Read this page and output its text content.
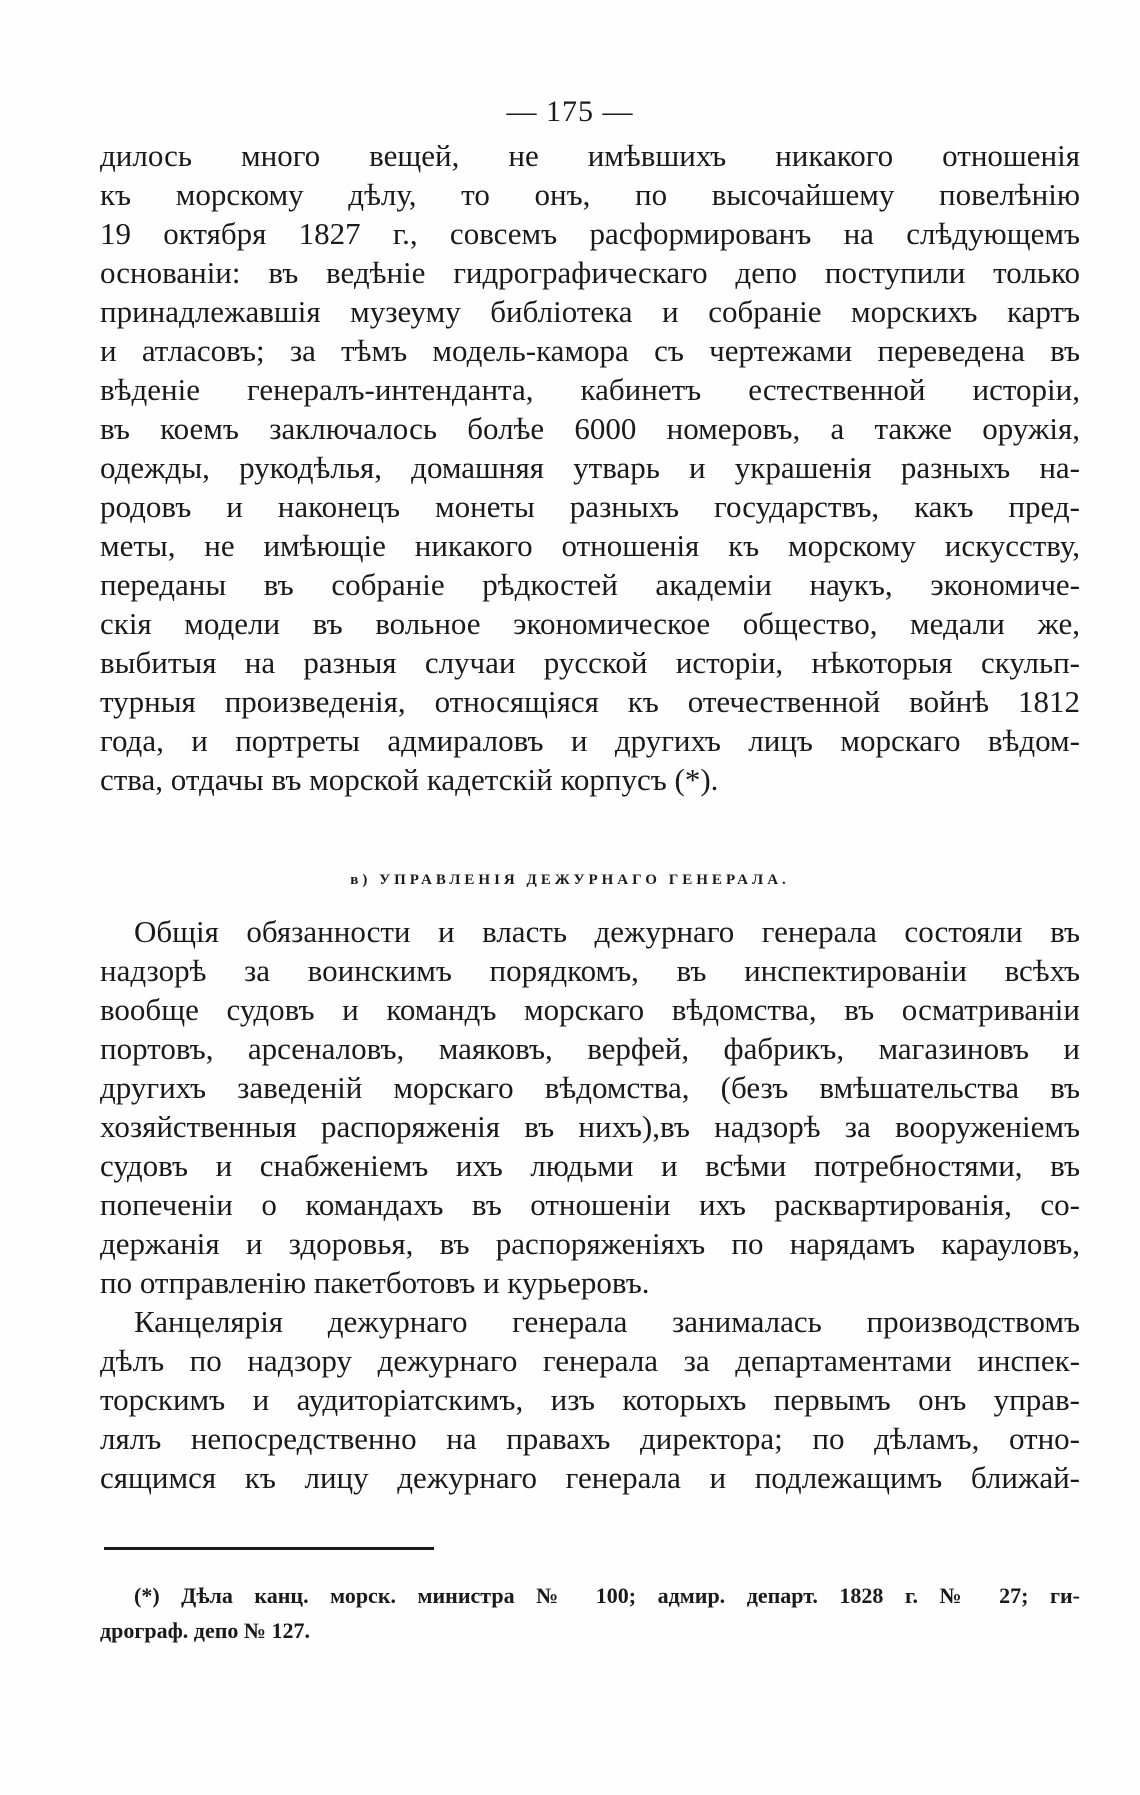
— 175 —
дилось много вещей, не имѣвшихъ никакого отношенія
къ морскому дѣлу, то онъ, по высочайшему повелѣнію
19 октября 1827 г., совсемъ расформированъ на слѣдующемъ
основаніи: въ ведѣніе гидрографическаго депо поступили только
принадлежавшія музеуму библіотека и собраніе морскихъ картъ
и атласовъ; за тѣмъ модель-камора съ чертежами переведена въ
вѣденіе генералъ-интенданта, кабинетъ естественной исторіи,
въ коемъ заключалось болѣе 6000 номеровъ, а также оружія,
одежды, рукодѣлья, домашняя утварь и украшенія разныхъ на-
родовъ и наконецъ монеты разныхъ государствъ, какъ пред-
меты, не имѣющіе никакого отношенія къ морскому искусству,
переданы въ собраніе рѣдкостей академіи наукъ, экономиче-
скія модели въ вольное экономическое общество, медали же,
выбитыя на разныя случаи русской исторіи, нѣкоторыя скульп-
турныя произведенія, относящіяся къ отечественной войнѣ 1812
года, и портреты адмираловъ и другихъ лицъ морскаго вѣдом-
ства, отдачы въ морской кадетскій корпусъ (*).
в) УПРАВЛЕНІЯ ДЕЖУРНАГО ГЕНЕРАЛА.
Общія обязанности и власть дежурнаго генерала состояли въ
надзорѣ за воинскимъ порядкомъ, въ инспектированіи всѣхъ
вообще судовъ и командъ морскаго вѣдомства, въ осматриваніи
портовъ, арсеналовъ, маяковъ, верфей, фабрикъ, магазиновъ и
другихъ заведеній морскаго вѣдомства, (безъ вмѣшательства въ
хозяйственныя распоряженія въ нихъ),въ надзорѣ за вооруженіемъ
судовъ и снабженіемъ ихъ людьми и всѣми потребностями, въ
попеченіи о командахъ въ отношеніи ихъ расквартированія, со-
держанія и здоровья, въ распоряженіяхъ по нарядамъ карауловъ,
по отправленію пакетботовъ и курьеровъ.
Канцелярія дежурнаго генерала занималась производствомъ
дѣлъ по надзору дежурнаго генерала за департаментами инспек-
торскимъ и аудиторіатскимъ, изъ которыхъ первымъ онъ управ-
лялъ непосредственно на правахъ директора; по дѣламъ, отно-
сящимся къ лицу дежурнаго генерала и подлежащимъ ближай-
(*) Дѣла канц. морск. министра № 100; адмир. департ. 1828 г. № 27; ги-
дрограф. депо № 127.
